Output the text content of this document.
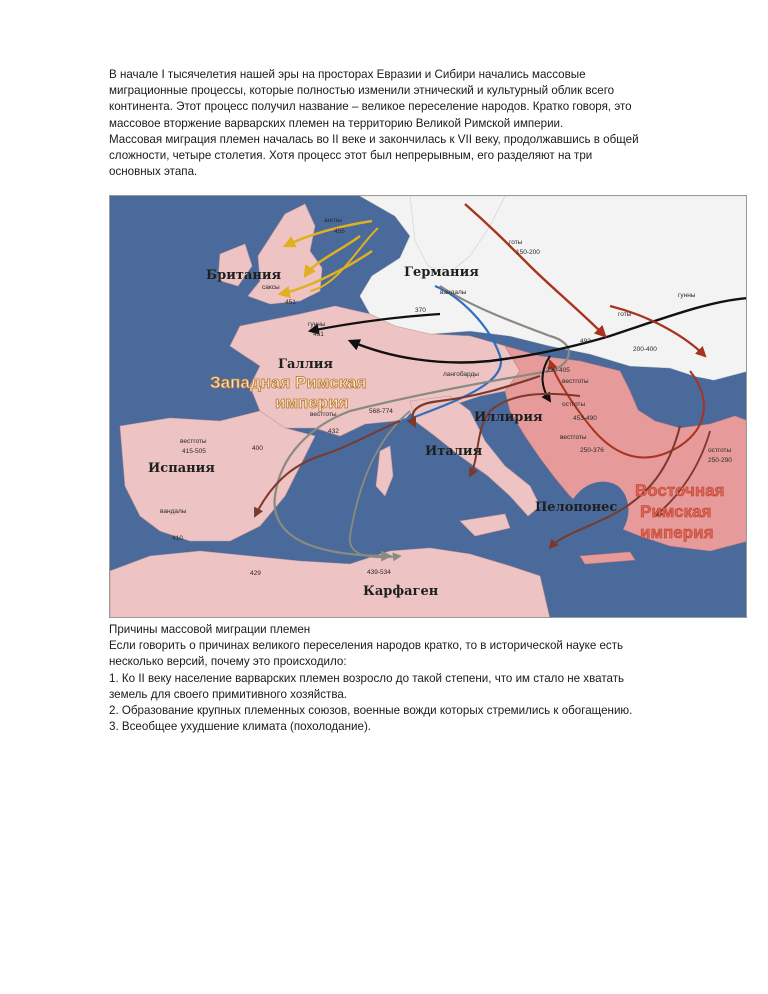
В начале I тысячелетия нашей эры на просторах Евразии и Сибири начались массовые
миграционные процессы, которые полностью изменили этнический и культурный облик всего
континента. Этот процесс получил название – великое переселение народов. Кратко говоря, это
массовое вторжение варварских племен на территорию Великой Римской империи.
Массовая миграция племен началась во II веке и закончилась к VII веку, продолжавшись в общей
сложности, четыре столетия. Хотя процесс этот был непрерывным, его разделяют на три
основных этапа.
Британия	Германия
Галлия
Испания
Италия
Иллирия
Пелопонес
Карфаген
Западная Римская
империя
Восточная
Римская
империя
англы
455
саксы
451
готы
150-200
вандалы
370
гунны
готы
200-400
гунны
451
493
лангобарды
230-405
вестготы
остготы
453-490
вестготы	568-774
432
вестготы
415-505	400
вестготы
250-376	остготы
250-290
вандалы
410
429	439-534
Причины массовой миграции племен
Если говорить о причинах великого переселения народов кратко, то в исторической науке есть
несколько версий, почему это происходило:
1. Ко II веку население варварских племен возросло до такой степени, что им стало не хватать
земель для своего примитивного хозяйства.
2. Образование крупных племенных союзов, военные вожди которых стремились к обогащению.
3. Всеобщее ухудшение климата (похолодание).
